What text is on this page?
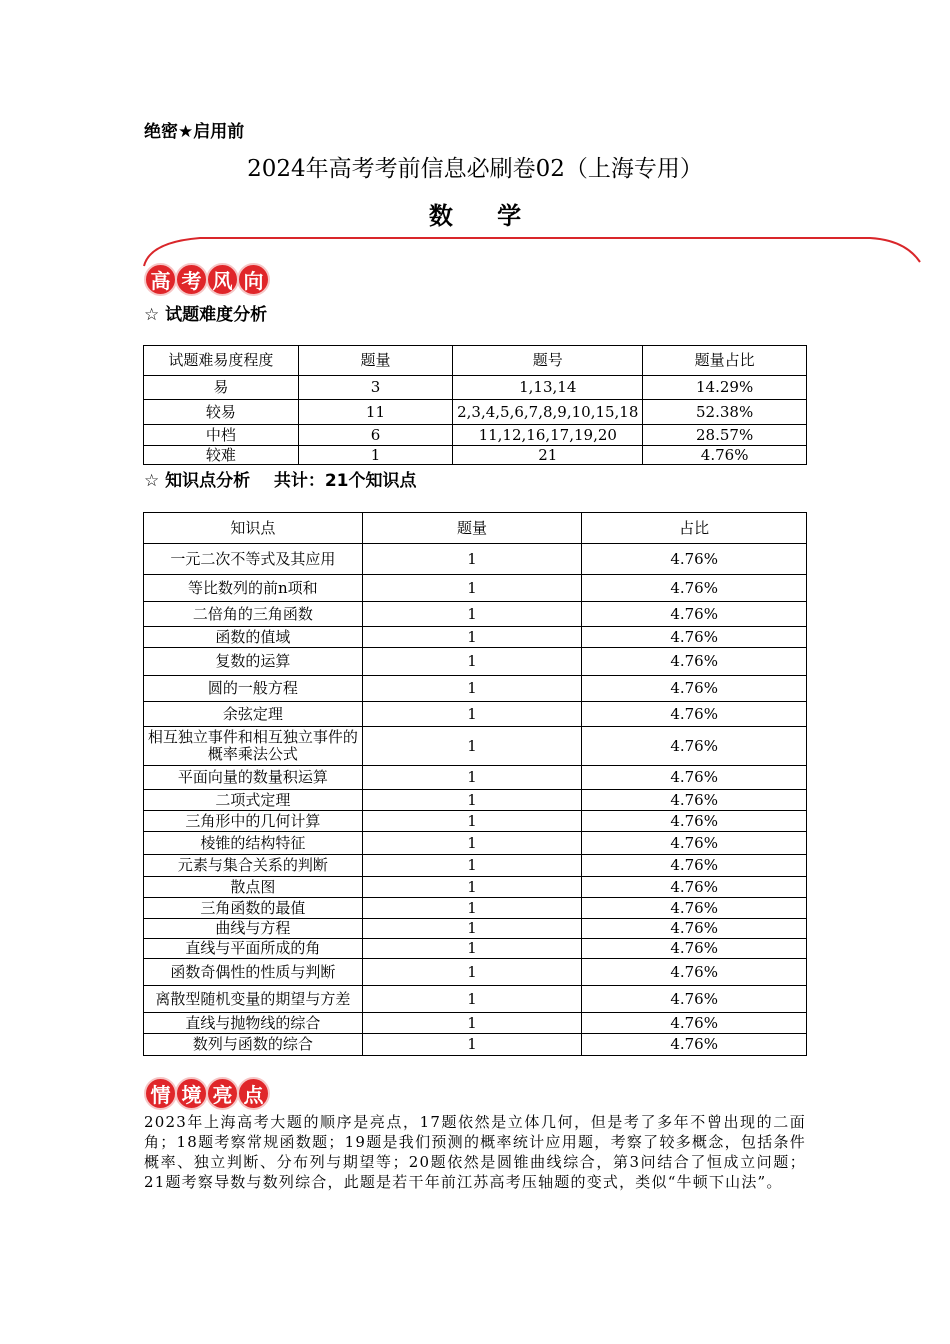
绝密★启用前
2024年高考考前信息必刷卷02（上海专用）
数 学
高 考 风 向
☆ 试题难度分析
试题难易度程度	题量	题号	题量占比
易	3	1,13,14	14.29%
较易	11	2,3,4,5,6,7,8,9,10,15,18	52.38%
中档	6	11,12,16,17,19,20	28.57%
较难	1	21	4.76%
☆ 知识点分析    共计：21个知识点
知识点	题量	占比
一元二次不等式及其应用	1	4.76%
等比数列的前n项和	1	4.76%
二倍角的三角函数	1	4.76%
函数的值域	1	4.76%
复数的运算	1	4.76%
圆的一般方程	1	4.76%
余弦定理	1	4.76%
相互独立事件和相互独立事件的概率乘法公式	1	4.76%
平面向量的数量积运算	1	4.76%
二项式定理	1	4.76%
三角形中的几何计算	1	4.76%
棱锥的结构特征	1	4.76%
元素与集合关系的判断	1	4.76%
散点图	1	4.76%
三角函数的最值	1	4.76%
曲线与方程	1	4.76%
直线与平面所成的角	1	4.76%
函数奇偶性的性质与判断	1	4.76%
离散型随机变量的期望与方差	1	4.76%
直线与抛物线的综合	1	4.76%
数列与函数的综合	1	4.76%
情 境 亮 点
2023年上海高考大题的顺序是亮点，17题依然是立体几何，但是考了多年不曾出现的二面角；18题考察常规函数题；19题是我们预测的概率统计应用题，考察了较多概念，包括条件概率、独立判断、分布列与期望等；20题依然是圆锥曲线综合，第3问结合了恒成立问题；21题考察导数与数列综合，此题是若干年前江苏高考压轴题的变式，类似“牛顿下山法”。
